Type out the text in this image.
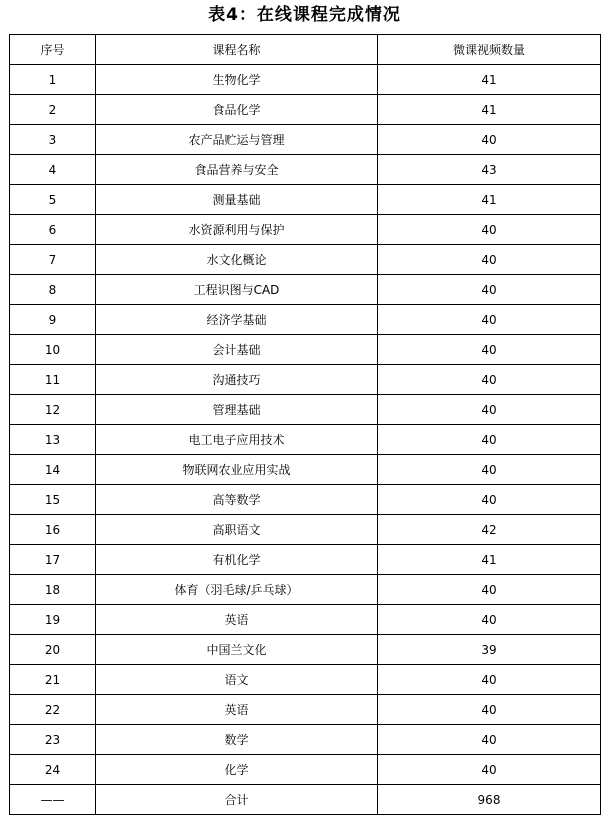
表4：在线课程完成情况
序号	课程名称	微课视频数量
1	生物化学	41
2	食品化学	41
3	农产品贮运与管理	40
4	食品营养与安全	43
5	测量基础	41
6	水资源利用与保护	40
7	水文化概论	40
8	工程识图与CAD	40
9	经济学基础	40
10	会计基础	40
11	沟通技巧	40
12	管理基础	40
13	电工电子应用技术	40
14	物联网农业应用实战	40
15	高等数学	40
16	高职语文	42
17	有机化学	41
18	体育（羽毛球/乒乓球）	40
19	英语	40
20	中国兰文化	39
21	语文	40
22	英语	40
23	数学	40
24	化学	40
——	合计	968
